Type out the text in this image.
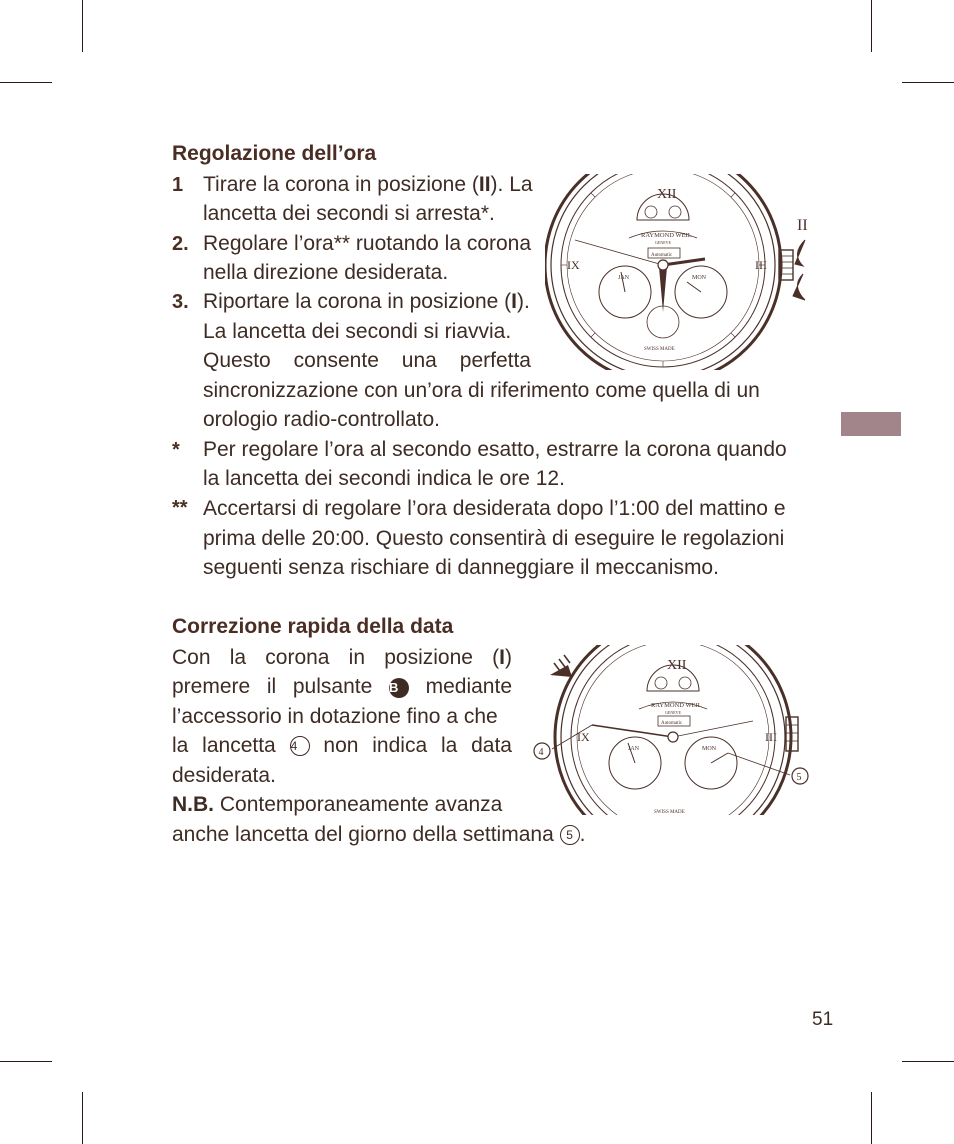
Regolazione dell’ora
1 Tirare la corona in posizione (II). La
lancetta dei secondi si arresta*.
2. Regolare l’ora** ruotando la corona
nella direzione desiderata.
3. Riportare la corona in posizione (I).
La lancetta dei secondi si riavvia.
Questo consente una perfetta
sincronizzazione con un’ora di riferimento come quella di un
orologio radio-controllato.
* Per regolare l’ora al secondo esatto, estrarre la corona quando
la lancetta dei secondi indica le ore 12.
** Accertarsi di regolare l’ora desiderata dopo l’1:00 del mattino e
prima delle 20:00. Questo consentirà di eseguire le regolazioni
seguenti senza rischiare di danneggiare il meccanismo.
XII
III
IX
RAYMOND WEIL
GENEVE
Automatic
JAN	MON
SWISS MADE
II
Correzione rapida della data
Con la corona in posizione (I)
premere il pulsante B mediante
l’accessorio in dotazione fino a che
la lancetta 4 non indica la data
desiderata.
N.B. Contemporaneamente avanza
anche lancetta del giorno della settimana 5 .
XII
III
IX
RAYMOND WEIL
GENEVE
Automatic
JAN	MON
SWISS MADE
4
5
51
